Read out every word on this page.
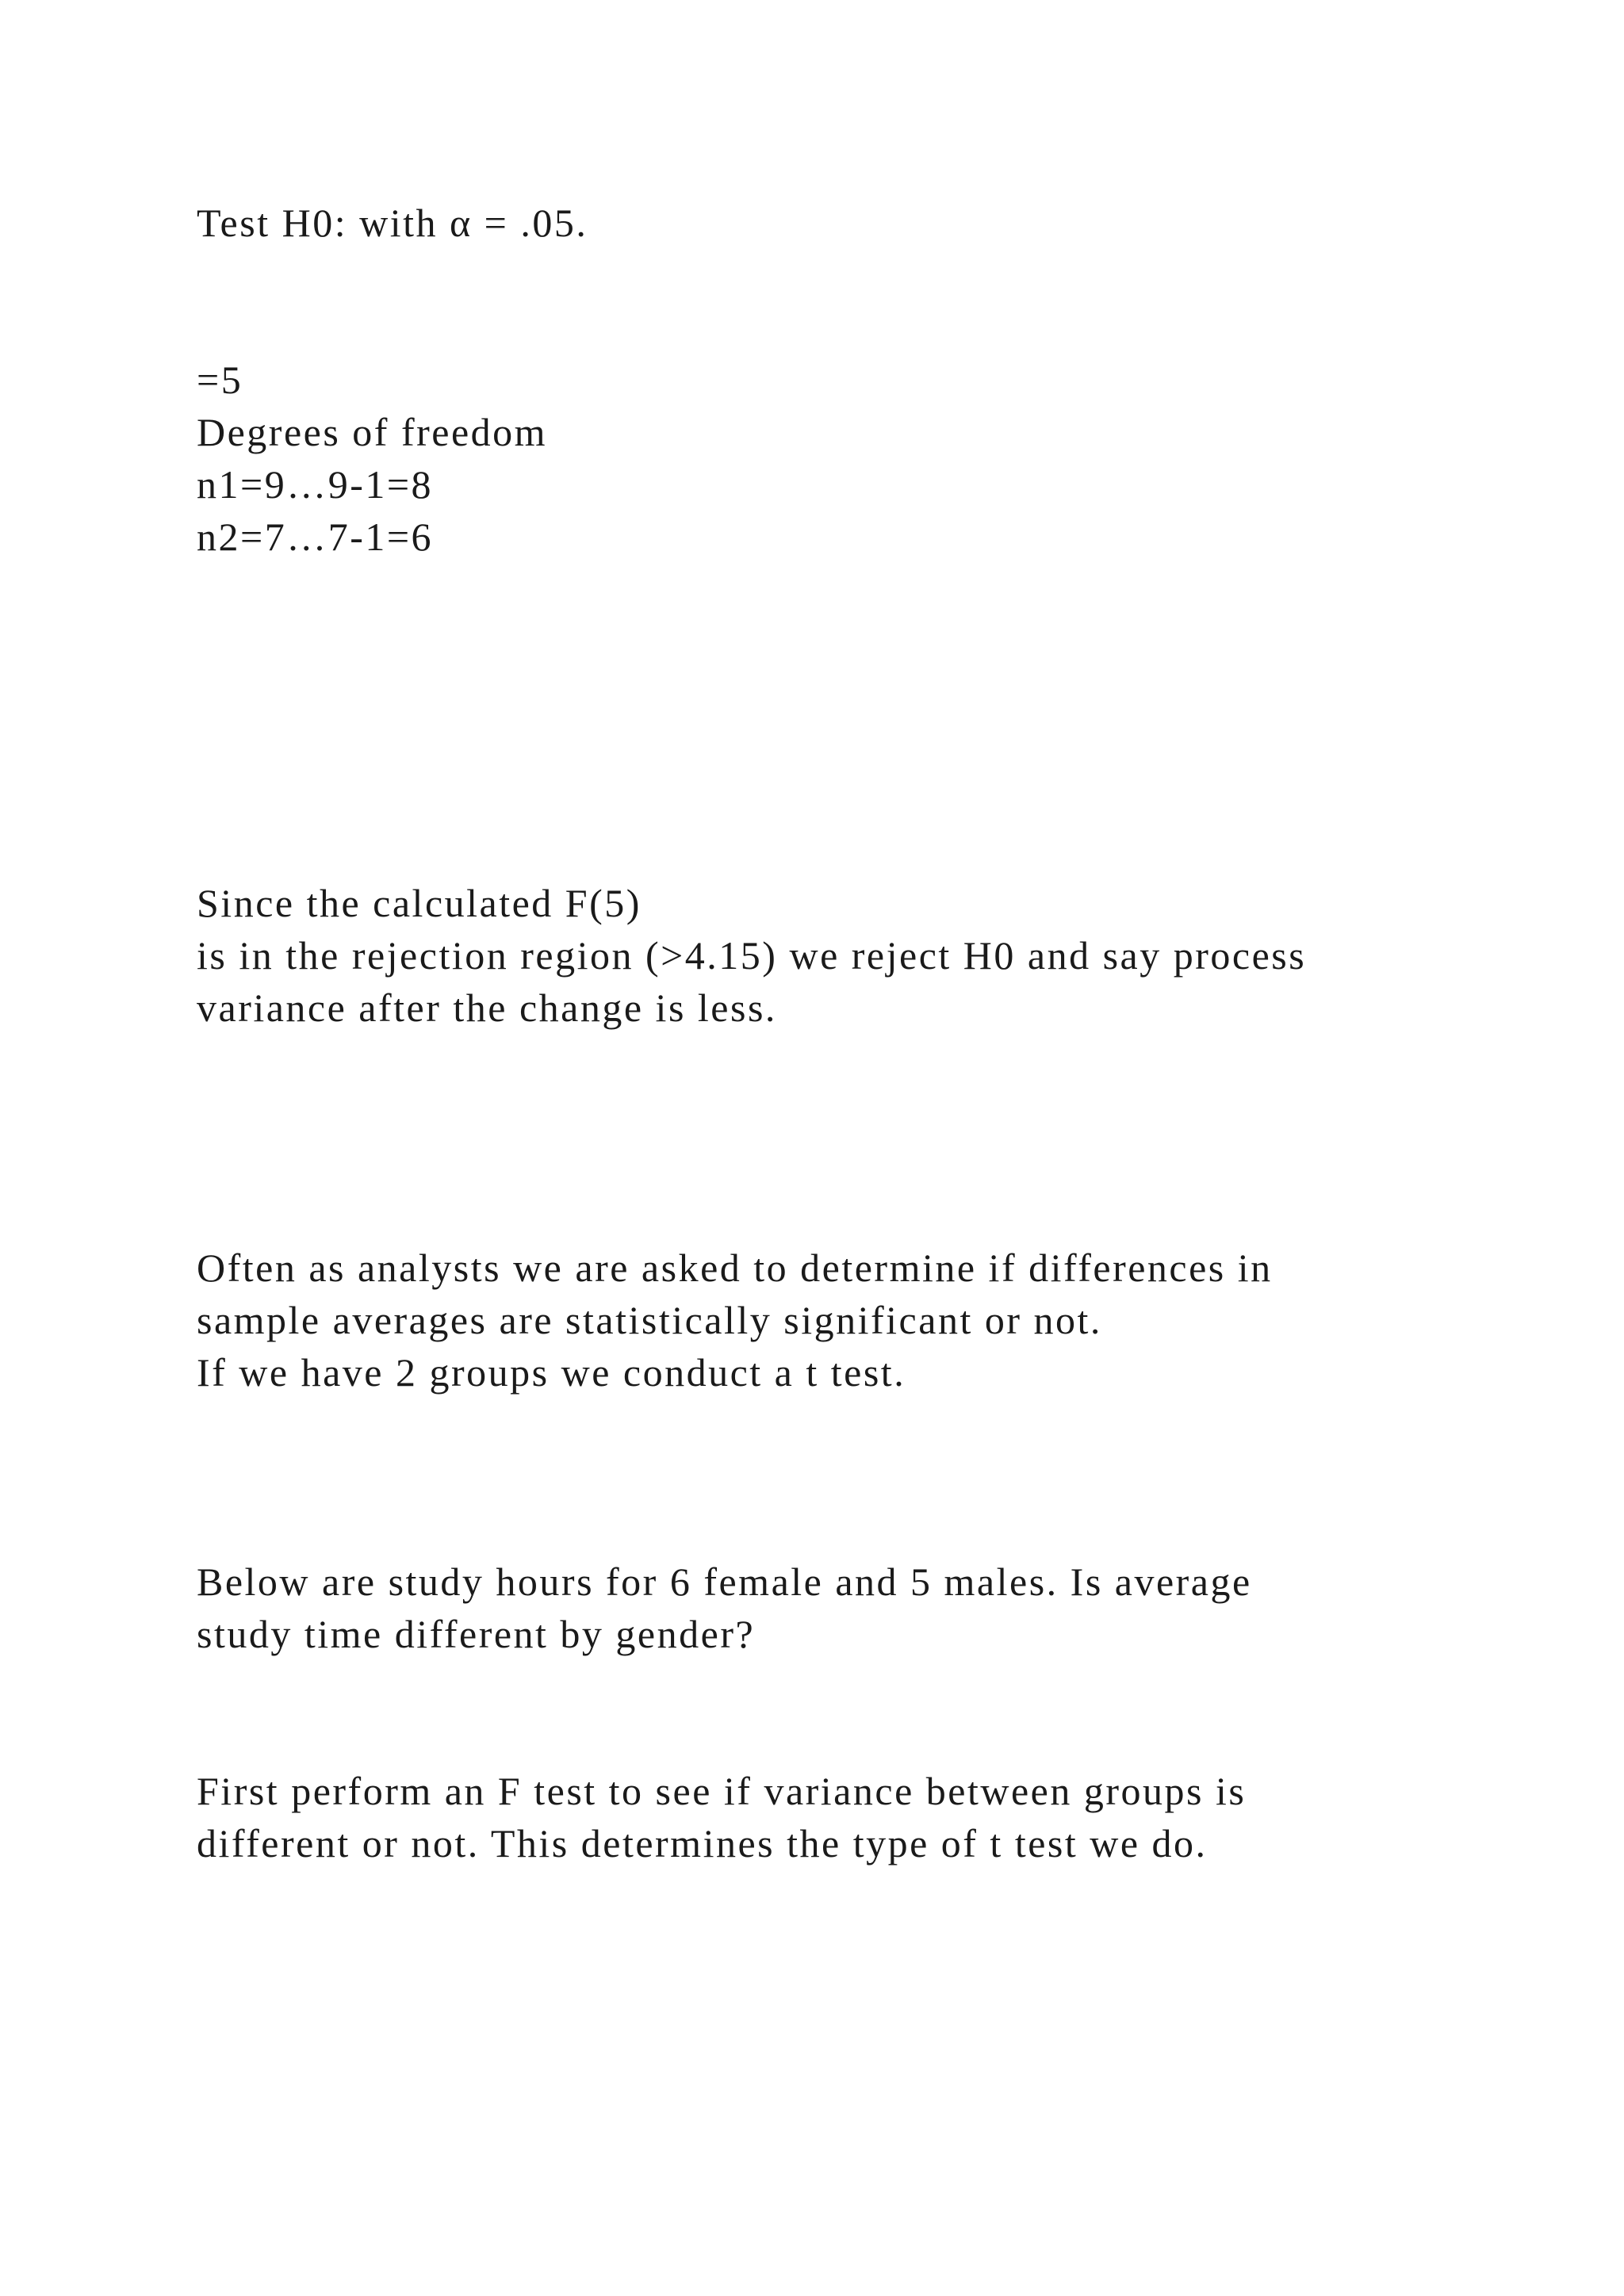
Test H0: with α = .05.

=5

Degrees of freedom

n1=9…9-1=8

n2=7…7-1=6

Since the calculated F(5)

is in the rejection region (>4.15) we reject H0 and say process

variance after the change is less.

Often as analysts we are asked to determine if differences in

sample averages are statistically significant or not.

If we have 2 groups we conduct a t test.

Below are study hours for 6 female and 5 males. Is average

study time different by gender?

First perform an F test to see if variance between groups is

different or not. This determines the type of t test we do.
